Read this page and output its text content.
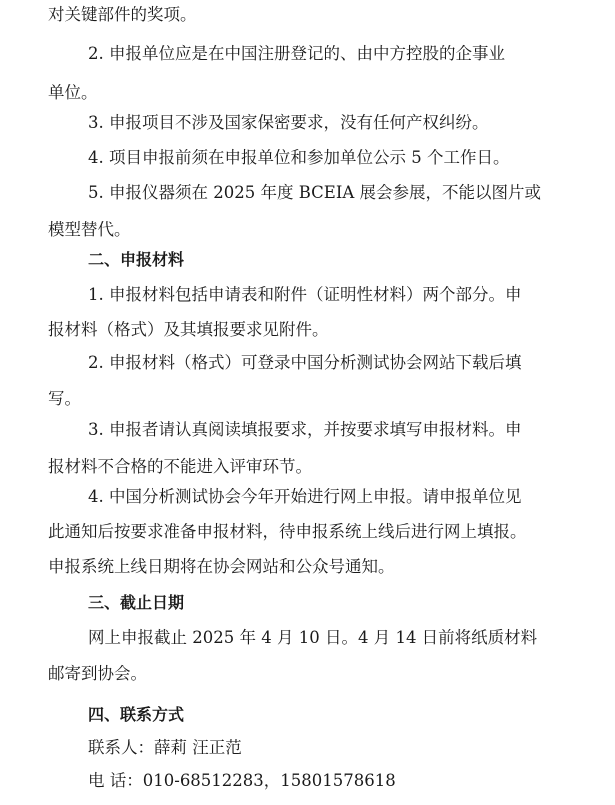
对关键部件的奖项。
2. 申报单位应是在中国注册登记的、由中方控股的企事业
单位。
3. 申报项目不涉及国家保密要求，没有任何产权纠纷。
4. 项目申报前须在申报单位和参加单位公示 5 个工作日。
5. 申报仪器须在 2025 年度 BCEIA 展会参展，不能以图片或
模型替代。
二、申报材料
1. 申报材料包括申请表和附件（证明性材料）两个部分。申
报材料（格式）及其填报要求见附件。
2. 申报材料（格式）可登录中国分析测试协会网站下载后填
写。
3. 申报者请认真阅读填报要求，并按要求填写申报材料。申
报材料不合格的不能进入评审环节。
4. 中国分析测试协会今年开始进行网上申报。请申报单位见
此通知后按要求准备申报材料，待申报系统上线后进行网上填报。
申报系统上线日期将在协会网站和公众号通知。
三、截止日期
网上申报截止 2025 年 4 月 10 日。4 月 14 日前将纸质材料
邮寄到协会。
四、联系方式
联系人：薛莉 汪正范
电 话：010-68512283，15801578618
